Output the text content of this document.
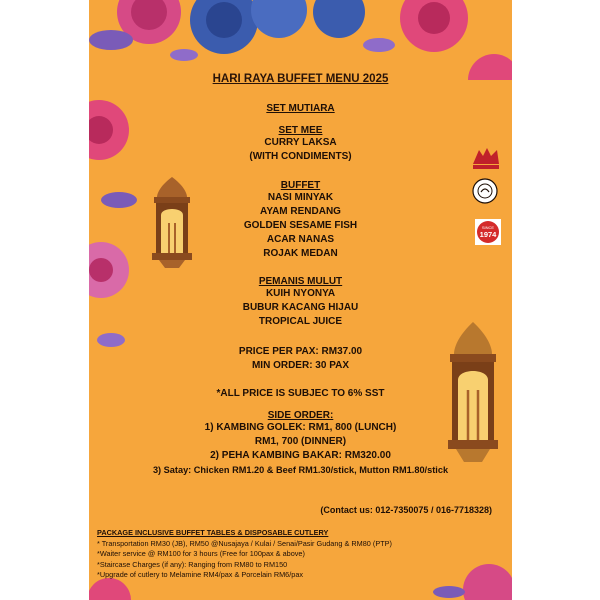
SINCE
1974
HARI RAYA BUFFET MENU 2025
SET MUTIARA
SET MEE
CURRY LAKSA
(WITH CONDIMENTS)
BUFFET
NASI MINYAK
AYAM RENDANG
GOLDEN SESAME FISH
ACAR NANAS
ROJAK MEDAN
PEMANIS MULUT
KUIH NYONYA
BUBUR KACANG HIJAU
TROPICAL JUICE
PRICE PER PAX: RM37.00
MIN ORDER: 30 PAX
*ALL PRICE IS SUBJEC TO 6% SST
SIDE ORDER:
1) KAMBING GOLEK: RM1, 800 (LUNCH)
RM1, 700 (DINNER)
2) PEHA KAMBING BAKAR: RM320.00
3) Satay: Chicken RM1.20 & Beef RM1.30/stick, Mutton RM1.80/stick
(Contact us: 012-7350075 / 016-7718328)
PACKAGE INCLUSIVE BUFFET TABLES & DISPOSABLE CUTLERY
* Transportation RM30 (JB), RM50 @Nusajaya / Kulai / Senai/Pasir Gudang & RM80 (PTP)
*Waiter service @ RM100 for 3 hours (Free for 100pax & above)
*Staircase Charges (if any): Ranging from RM80 to RM150
*Upgrade of cutlery to Melamine RM4/pax & Porcelain RM6/pax
